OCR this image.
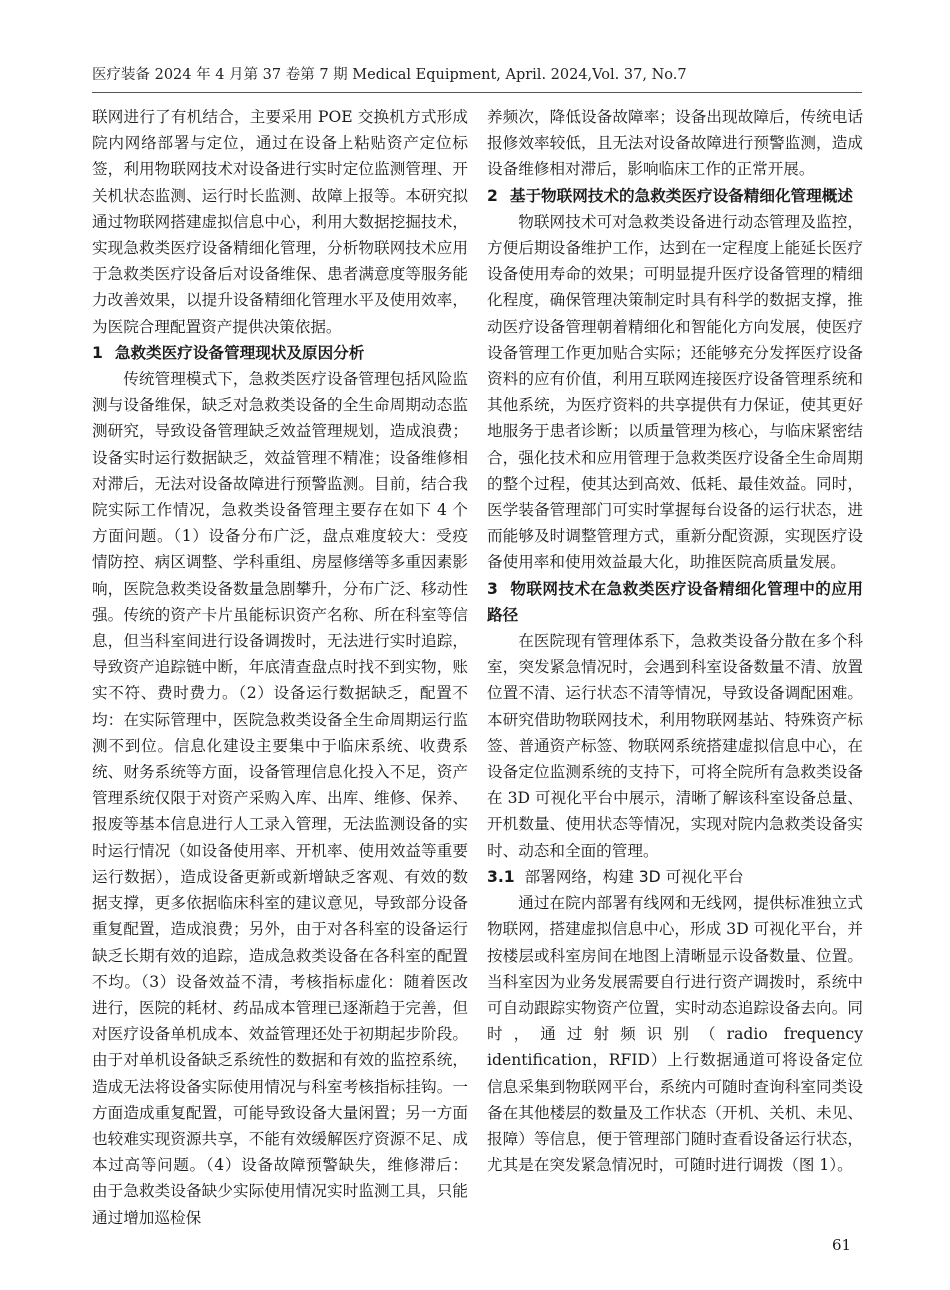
医疗装备 2024 年 4 月第 37 卷第 7 期 Medical Equipment, April. 2024,Vol. 37, No.7

联网进行了有机结合，主要采用 POE 交换机方式形成院内网络部署与定位，通过在设备上粘贴资产定位标签，利用物联网技术对设备进行实时定位监测管理、开关机状态监测、运行时长监测、故障上报等。本研究拟通过物联网搭建虚拟信息中心，利用大数据挖掘技术，实现急救类医疗设备精细化管理，分析物联网技术应用于急救类医疗设备后对设备维保、患者满意度等服务能力改善效果，以提升设备精细化管理水平及使用效率，为医院合理配置资产提供决策依据。

1 急救类医疗设备管理现状及原因分析

传统管理模式下，急救类医疗设备管理包括风险监测与设备维保，缺乏对急救类设备的全生命周期动态监测研究，导致设备管理缺乏效益管理规划，造成浪费；设备实时运行数据缺乏，效益管理不精准；设备维修相对滞后，无法对设备故障进行预警监测。目前，结合我院实际工作情况，急救类设备管理主要存在如下 4 个方面问题。（1）设备分布广泛，盘点难度较大：受疫情防控、病区调整、学科重组、房屋修缮等多重因素影响，医院急救类设备数量急剧攀升，分布广泛、移动性强。传统的资产卡片虽能标识资产名称、所在科室等信息，但当科室间进行设备调拨时，无法进行实时追踪，导致资产追踪链中断，年底清查盘点时找不到实物，账实不符、费时费力。（2）设备运行数据缺乏，配置不均：在实际管理中，医院急救类设备全生命周期运行监测不到位。信息化建设主要集中于临床系统、收费系统、财务系统等方面，设备管理信息化投入不足，资产管理系统仅限于对资产采购入库、出库、维修、保养、报废等基本信息进行人工录入管理，无法监测设备的实时运行情况（如设备使用率、开机率、使用效益等重要运行数据），造成设备更新或新增缺乏客观、有效的数据支撑，更多依据临床科室的建议意见，导致部分设备重复配置，造成浪费；另外，由于对各科室的设备运行缺乏长期有效的追踪，造成急救类设备在各科室的配置不均。（3）设备效益不清，考核指标虚化：随着医改进行，医院的耗材、药品成本管理已逐渐趋于完善，但对医疗设备单机成本、效益管理还处于初期起步阶段。由于对单机设备缺乏系统性的数据和有效的监控系统，造成无法将设备实际使用情况与科室考核指标挂钩。一方面造成重复配置，可能导致设备大量闲置；另一方面也较难实现资源共享，不能有效缓解医疗资源不足、成本过高等问题。（4）设备故障预警缺失，维修滞后：由于急救类设备缺少实际使用情况实时监测工具，只能通过增加巡检保

养频次，降低设备故障率；设备出现故障后，传统电话报修效率较低，且无法对设备故障进行预警监测，造成设备维修相对滞后，影响临床工作的正常开展。

2 基于物联网技术的急救类医疗设备精细化管理概述

物联网技术可对急救类设备进行动态管理及监控，方便后期设备维护工作，达到在一定程度上能延长医疗设备使用寿命的效果；可明显提升医疗设备管理的精细化程度，确保管理决策制定时具有科学的数据支撑，推动医疗设备管理朝着精细化和智能化方向发展，使医疗设备管理工作更加贴合实际；还能够充分发挥医疗设备资料的应有价值，利用互联网连接医疗设备管理系统和其他系统，为医疗资料的共享提供有力保证，使其更好地服务于患者诊断；以质量管理为核心，与临床紧密结合，强化技术和应用管理于急救类医疗设备全生命周期的整个过程，使其达到高效、低耗、最佳效益。同时，医学装备管理部门可实时掌握每台设备的运行状态，进而能够及时调整管理方式，重新分配资源，实现医疗设备使用率和使用效益最大化，助推医院高质量发展。

3 物联网技术在急救类医疗设备精细化管理中的应用路径

在医院现有管理体系下，急救类设备分散在多个科室，突发紧急情况时，会遇到科室设备数量不清、放置位置不清、运行状态不清等情况，导致设备调配困难。本研究借助物联网技术，利用物联网基站、特殊资产标签、普通资产标签、物联网系统搭建虚拟信息中心，在设备定位监测系统的支持下，可将全院所有急救类设备在 3D 可视化平台中展示，清晰了解该科室设备总量、开机数量、使用状态等情况，实现对院内急救类设备实时、动态和全面的管理。

3.1 部署网络，构建 3D 可视化平台

通过在院内部署有线网和无线网，提供标准独立式物联网，搭建虚拟信息中心，形成 3D 可视化平台，并按楼层或科室房间在地图上清晰显示设备数量、位置。当科室因为业务发展需要自行进行资产调拨时，系统中可自动跟踪实物资产位置，实时动态追踪设备去向。同时，通过射频识别（radio frequency identification，RFID）上行数据通道可将设备定位信息采集到物联网平台，系统内可随时查询科室同类设备在其他楼层的数量及工作状态（开机、关机、未见、报障）等信息，便于管理部门随时查看设备运行状态，尤其是在突发紧急情况时，可随时进行调拨（图 1）。

61
